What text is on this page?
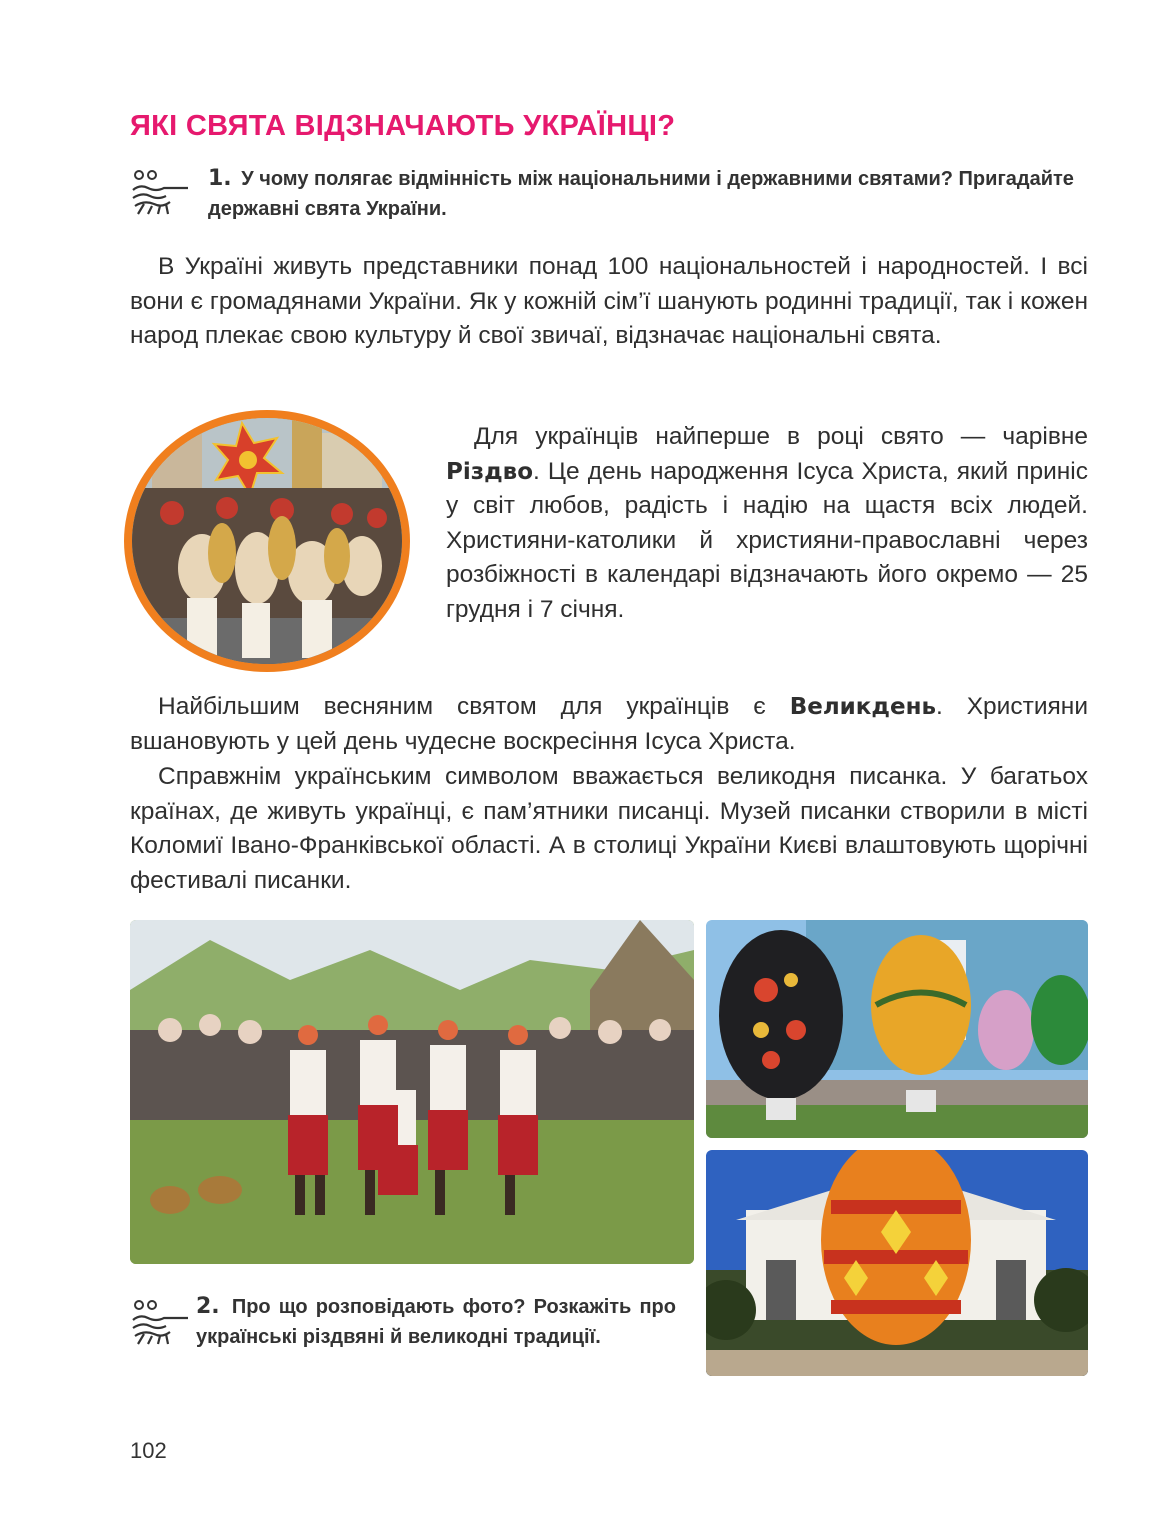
ЯКІ СВЯТА ВІДЗНАЧАЮТЬ УКРАЇНЦІ?
1. У чому полягає відмінність між національними і державними святами? Пригадайте державні свята України.
В Україні живуть представники понад 100 національностей і народностей. І всі вони є громадянами України. Як у кожній сім’ї шанують родинні традиції, так і кожен народ плекає свою культуру й свої звичаї, відзначає національні свята.
Для українців найперше в році свято — чарівне Різдво. Це день народження Ісуса Христа, який приніс у світ любов, радість і надію на щастя всіх людей. Християни-католики й християни-православні через розбіжності в календарі відзначають його окремо — 25 грудня і 7 січня.
Найбільшим весняним святом для українців є Великдень. Християни вшановують у цей день чудесне воскресіння Ісуса Христа.
Справжнім українським символом вважається великодня писанка. У багатьох країнах, де живуть українці, є пам’ятники писанці. Музей писанки створили в місті Коломиї Івано-Франківської області. А в столиці України Києві влаштовують щорічні фестивалі писанки.
2. Про що розповідають фото? Розкажіть про українські різдвяні й великодні традиції.
102
